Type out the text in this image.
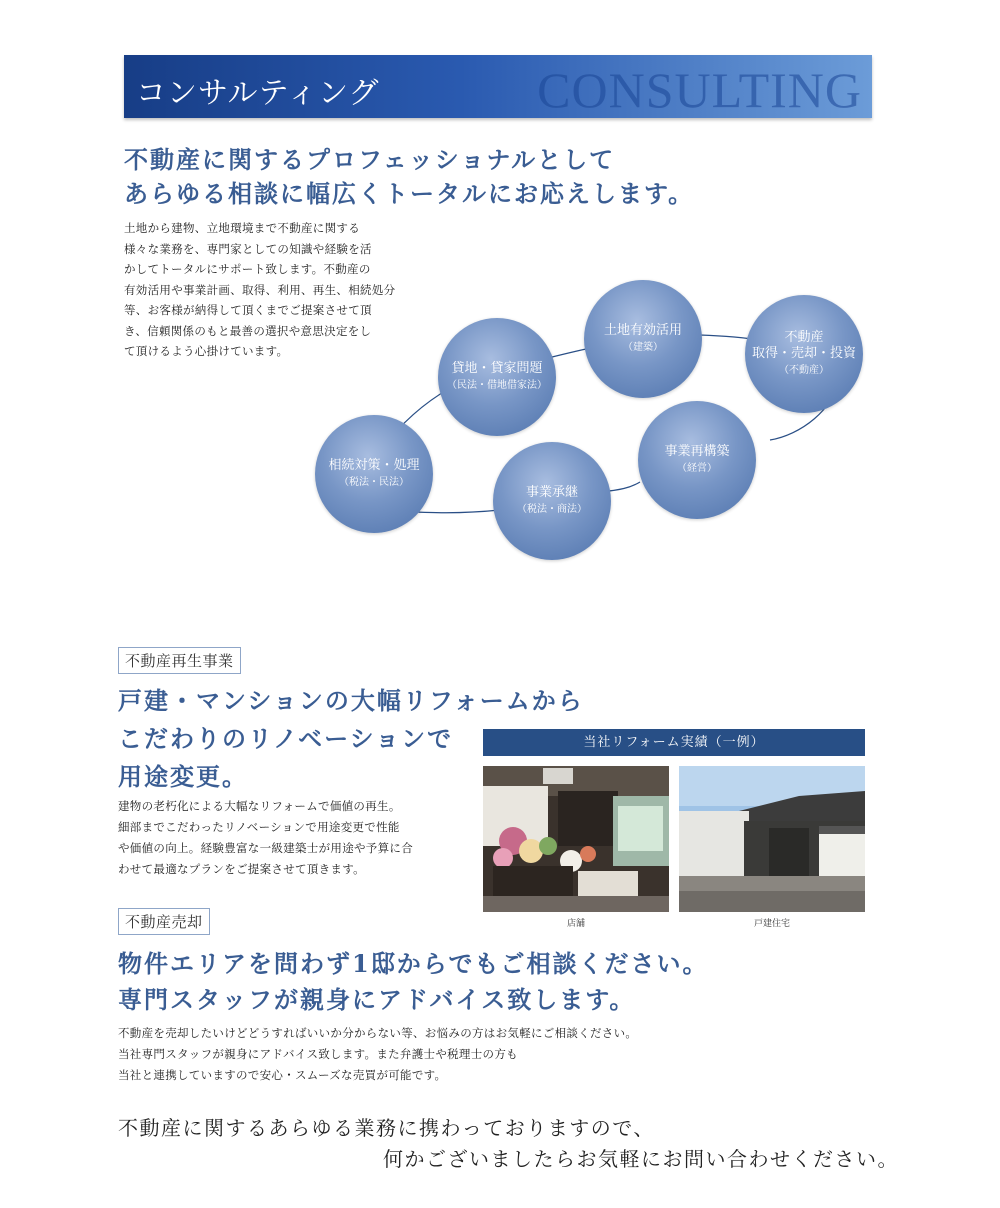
CONSULTING
コンサルティング
不動産に関するプロフェッショナルとして
あらゆる相談に幅広くトータルにお応えします。

土地から建物、立地環境まで不動産に関する
様々な業務を、専門家としての知識や経験を活
かしてトータルにサポート致します。不動産の
有効活用や事業計画、取得、利用、再生、相続処分
等、お客様が納得して頂くまでご提案させて頂
き、信頼関係のもと最善の選択や意思決定をし
て頂けるよう心掛けています。

相続対策・処理
（税法・民法）
貸地・貸家問題
（民法・借地借家法）
土地有効活用
（建築）
不動産
取得・売却・投資
（不動産）
事業再構築
（経営）
事業承継
（税法・商法）
不動産再生事業
戸建・マンションの大幅リフォームから
こだわりのリノベーションで
用途変更。

建物の老朽化による大幅なリフォームで価値の再生。
細部までこだわったリノベーションで用途変更で性能
や価値の向上。経験豊富な一級建築士が用途や予算に合
わせて最適なプランをご提案させて頂きます。

当社リフォーム実績（一例）
店舗	戸建住宅
不動産売却
物件エリアを問わず1邸からでもご相談ください。
専門スタッフが親身にアドバイス致します。

不動産を売却したいけどどうすればいいか分からない等、お悩みの方はお気軽にご相談ください。
当社専門スタッフが親身にアドバイス致します。また弁護士や税理士の方も
当社と連携していますので安心・スムーズな売買が可能です。

不動産に関するあらゆる業務に携わっておりますので、

何かございましたらお気軽にお問い合わせください。
